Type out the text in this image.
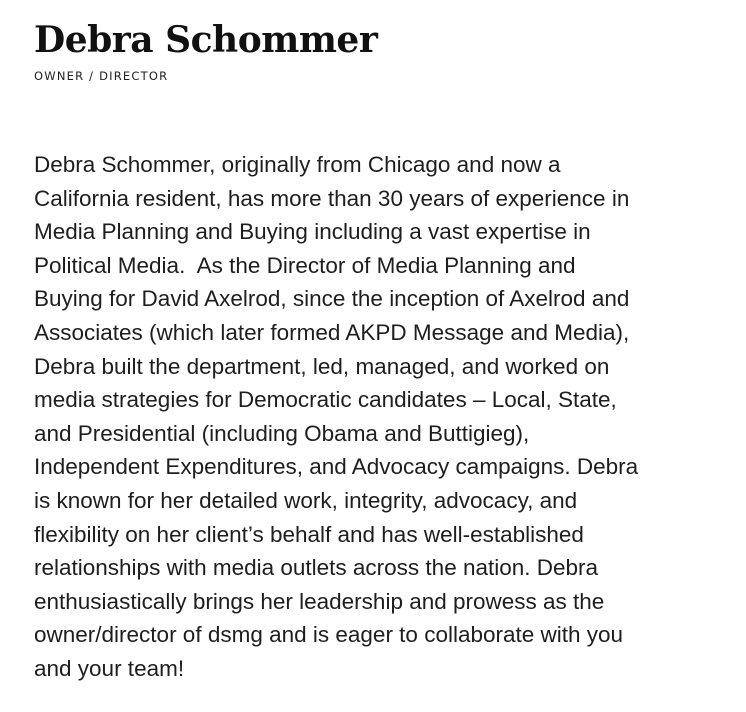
Debra Schommer
OWNER / DIRECTOR

Debra Schommer, originally from Chicago and now a
California resident, has more than 30 years of experience in
Media Planning and Buying including a vast expertise in
Political Media.  As the Director of Media Planning and
Buying for David Axelrod, since the inception of Axelrod and
Associates (which later formed AKPD Message and Media),
Debra built the department, led, managed, and worked on
media strategies for Democratic candidates – Local, State,
and Presidential (including Obama and Buttigieg),
Independent Expenditures, and Advocacy campaigns. Debra
is known for her detailed work, integrity, advocacy, and
flexibility on her client’s behalf and has well-established
relationships with media outlets across the nation. Debra
enthusiastically brings her leadership and prowess as the
owner/director of dsmg and is eager to collaborate with you
and your team!
